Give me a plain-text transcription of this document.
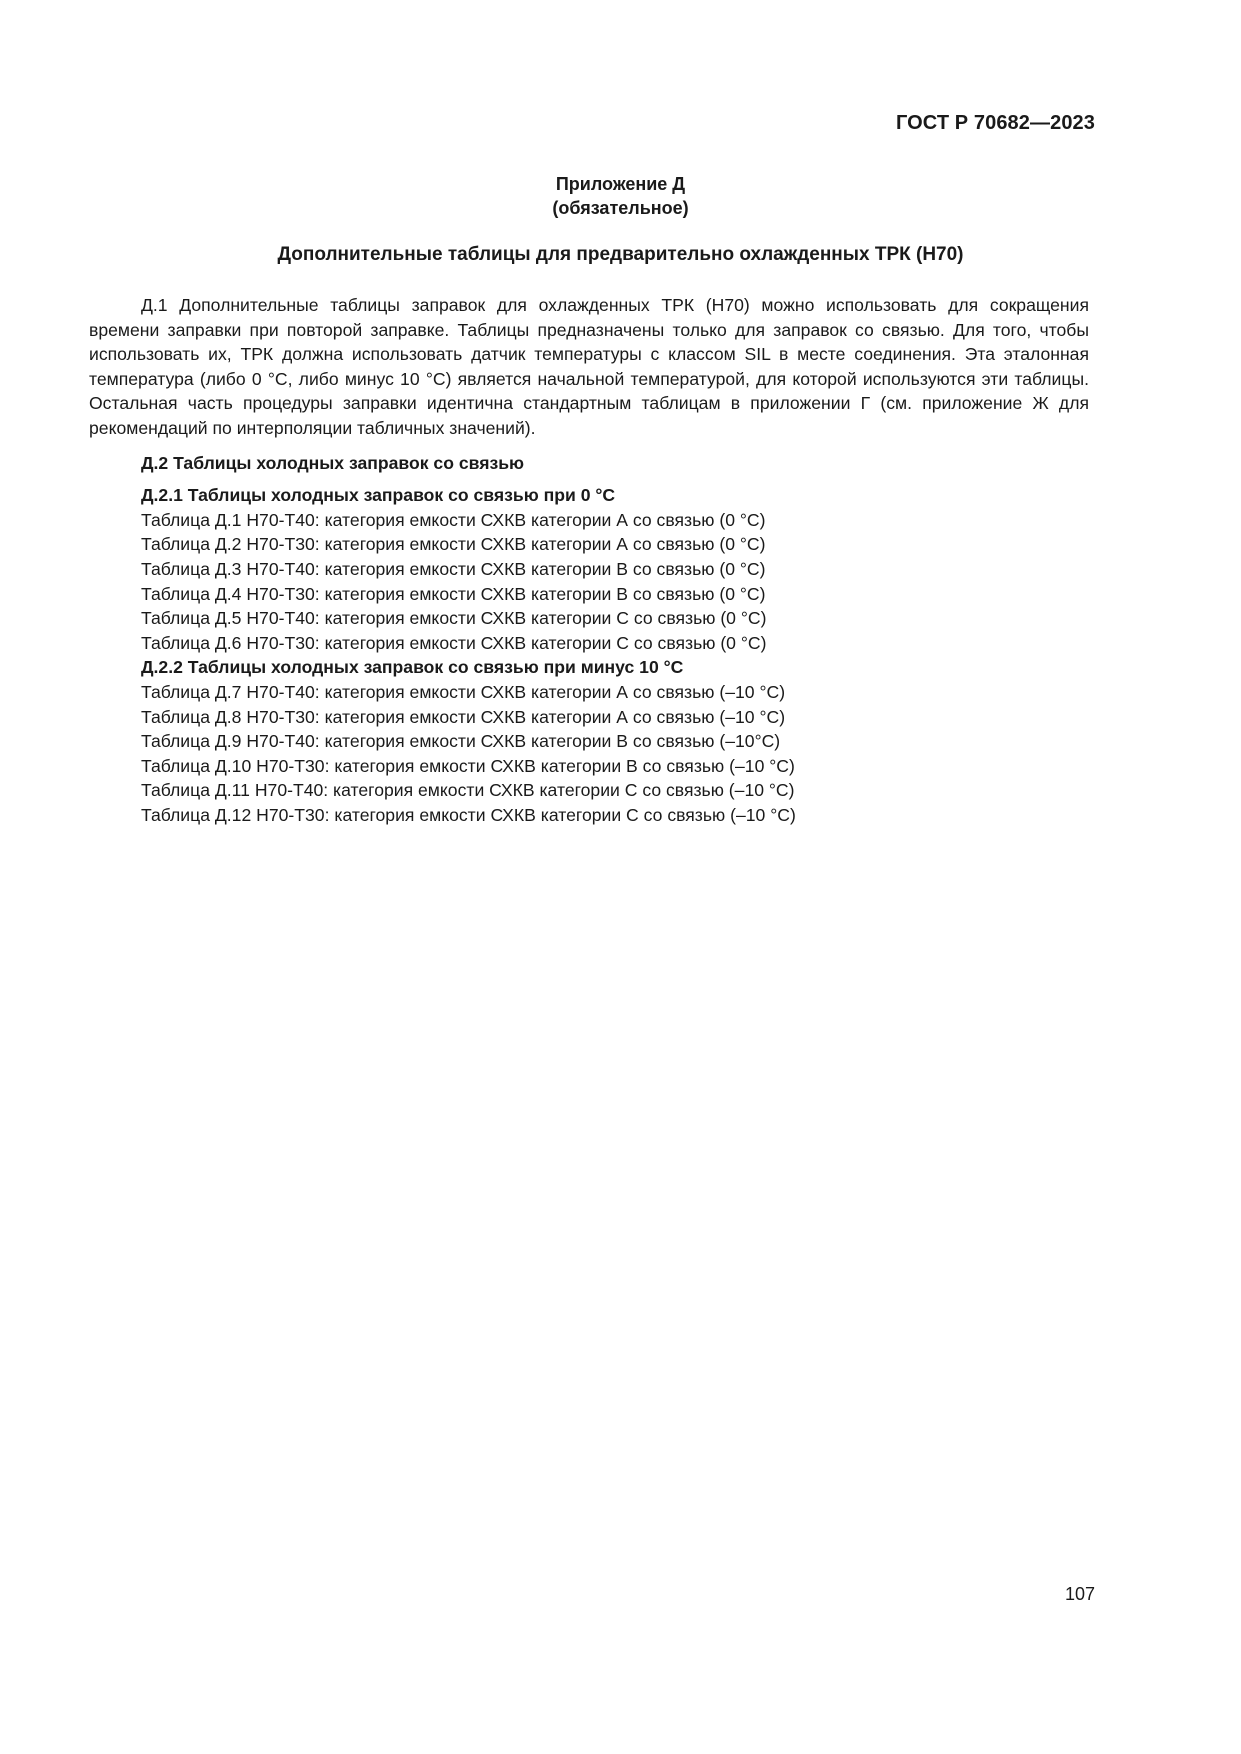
ГОСТ Р 70682—2023
Приложение Д
(обязательное)
Дополнительные таблицы для предварительно охлажденных ТРК (H70)

Д.1 Дополнительные таблицы заправок для охлажденных ТРК (H70) можно использовать для сокращения времени заправки при повторой заправке. Таблицы предназначены только для заправок со связью. Для того, чтобы использовать их, ТРК должна использовать датчик температуры с классом SIL в месте соединения. Эта эталонная температура (либо 0 °С, либо минус 10 °С) является начальной температурой, для которой используются эти таблицы. Остальная часть процедуры заправки идентична стандартным таблицам в приложении Г (см. приложение Ж для рекомендаций по интерполяции табличных значений).

Д.2 Таблицы холодных заправок со связью
Д.2.1 Таблицы холодных заправок со связью при 0 °С
Таблица Д.1 H70-T40: категория емкости СХКВ категории А со связью (0 °С)
Таблица Д.2 H70-T30: категория емкости СХКВ категории А со связью (0 °С)
Таблица Д.3 H70-T40: категория емкости СХКВ категории В со связью (0 °С)
Таблица Д.4 H70-T30: категория емкости СХКВ категории В со связью (0 °С)
Таблица Д.5 H70-T40: категория емкости СХКВ категории С со связью (0 °С)
Таблица Д.6 H70-T30: категория емкости СХКВ категории С со связью (0 °С)
Д.2.2 Таблицы холодных заправок со связью при минус 10 °С
Таблица Д.7 H70-T40: категория емкости СХКВ категории А со связью (–10 °С)
Таблица Д.8 H70-T30: категория емкости СХКВ категории А со связью (–10 °С)
Таблица Д.9 H70-T40: категория емкости СХКВ категории В со связью (–10°С)
Таблица Д.10 H70-T30: категория емкости СХКВ категории В со связью (–10 °С)
Таблица Д.11 H70-T40: категория емкости СХКВ категории С со связью (–10 °С)
Таблица Д.12 H70-T30: категория емкости СХКВ категории С со связью (–10 °С)
107
